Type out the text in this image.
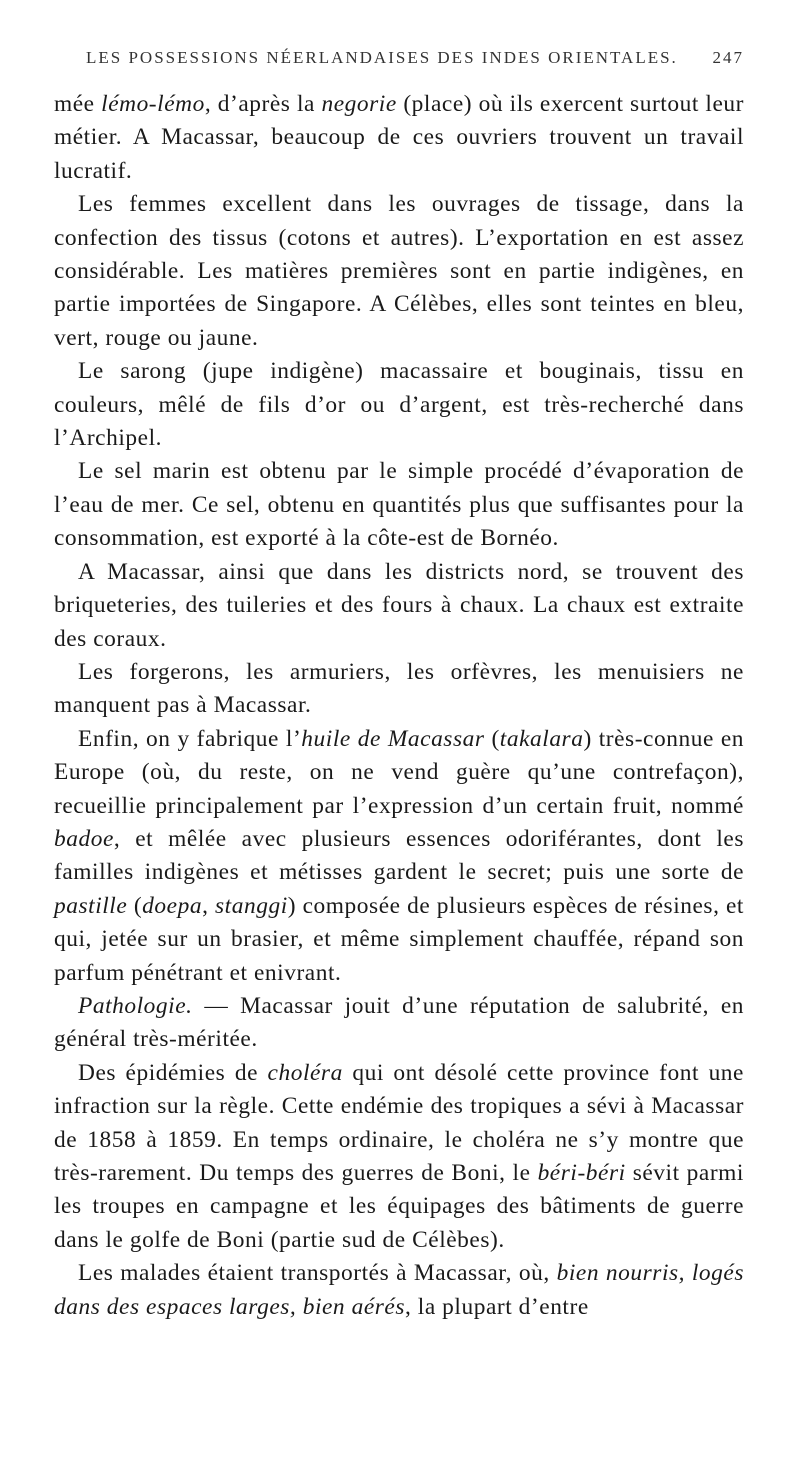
LES POSSESSIONS NÉERLANDAISES DES INDES ORIENTALES. 247

mée lémo-lémo, d’après la negorie (place) où ils exercent surtout leur métier. A Macassar, beaucoup de ces ouvriers trouvent un travail lucratif.

Les femmes excellent dans les ouvrages de tissage, dans la confection des tissus (cotons et autres). L’exportation en est assez considérable. Les matières premières sont en partie indigènes, en partie importées de Singapore. A Célèbes, elles sont teintes en bleu, vert, rouge ou jaune.

Le sarong (jupe indigène) macassaire et bouginais, tissu en couleurs, mêlé de fils d’or ou d’argent, est très-recherché dans l’Archipel.

Le sel marin est obtenu par le simple procédé d’évaporation de l’eau de mer. Ce sel, obtenu en quantités plus que suffisantes pour la consommation, est exporté à la côte-est de Bornéo.

A Macassar, ainsi que dans les districts nord, se trouvent des briqueteries, des tuileries et des fours à chaux. La chaux est extraite des coraux.

Les forgerons, les armuriers, les orfèvres, les menuisiers ne manquent pas à Macassar.

Enfin, on y fabrique l’huile de Macassar (takalara) très-connue en Europe (où, du reste, on ne vend guère qu’une contrefaçon), recueillie principalement par l’expression d’un certain fruit, nommé badoe, et mêlée avec plusieurs essences odoriférantes, dont les familles indigènes et métisses gardent le secret; puis une sorte de pastille (doepa, stanggi) composée de plusieurs espèces de résines, et qui, jetée sur un brasier, et même simplement chauffée, répand son parfum pénétrant et enivrant.

Pathologie. — Macassar jouit d’une réputation de salubrité, en général très-méritée.

Des épidémies de choléra qui ont désolé cette province font une infraction sur la règle. Cette endémie des tropiques a sévi à Macassar de 1858 à 1859. En temps ordinaire, le choléra ne s’y montre que très-rarement. Du temps des guerres de Boni, le béri-béri sévit parmi les troupes en campagne et les équipages des bâtiments de guerre dans le golfe de Boni (partie sud de Célèbes).

Les malades étaient transportés à Macassar, où, bien nourris, logés dans des espaces larges, bien aérés, la plupart d’entre
